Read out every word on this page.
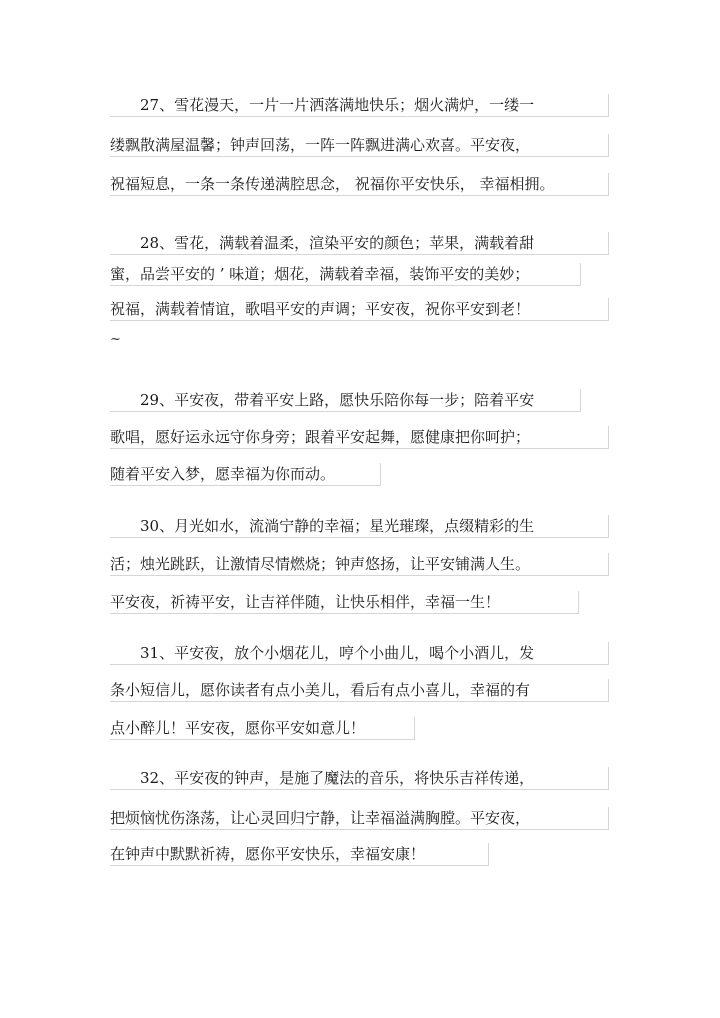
　　27、雪花漫天，一片一片洒落满地快乐；烟火满炉，一缕一
缕飘散满屋温馨；钟声回荡，一阵一阵飘进满心欢喜。平安夜，
祝福短息，一条一条传递满腔思念， 祝福你平安快乐， 幸福相拥。
　　28、雪花，满载着温柔，渲染平安的颜色；苹果，满载着甜
蜜，品尝平安的 ’ 味道；烟花，满载着幸福，装饰平安的美妙；
祝福，满载着情谊，歌唱平安的声调；平安夜，祝你平安到老！
~
　　29、平安夜，带着平安上路，愿快乐陪你每一步；陪着平安
歌唱，愿好运永远守你身旁；跟着平安起舞，愿健康把你呵护；
随着平安入梦，愿幸福为你而动。
　　30、月光如水，流淌宁静的幸福；星光璀璨，点缀精彩的生
活；烛光跳跃，让激情尽情燃烧；钟声悠扬，让平安铺满人生。
平安夜，祈祷平安，让吉祥伴随，让快乐相伴，幸福一生！
　　31、平安夜，放个小烟花儿，哼个小曲儿，喝个小酒儿，发
条小短信儿，愿你读者有点小美儿，看后有点小喜儿，幸福的有
点小醉儿！平安夜，愿你平安如意儿！
　　32、平安夜的钟声，是施了魔法的音乐，将快乐吉祥传递，
把烦恼忧伤涤荡，让心灵回归宁静，让幸福溢满胸膛。平安夜，
在钟声中默默祈祷，愿你平安快乐，幸福安康！
